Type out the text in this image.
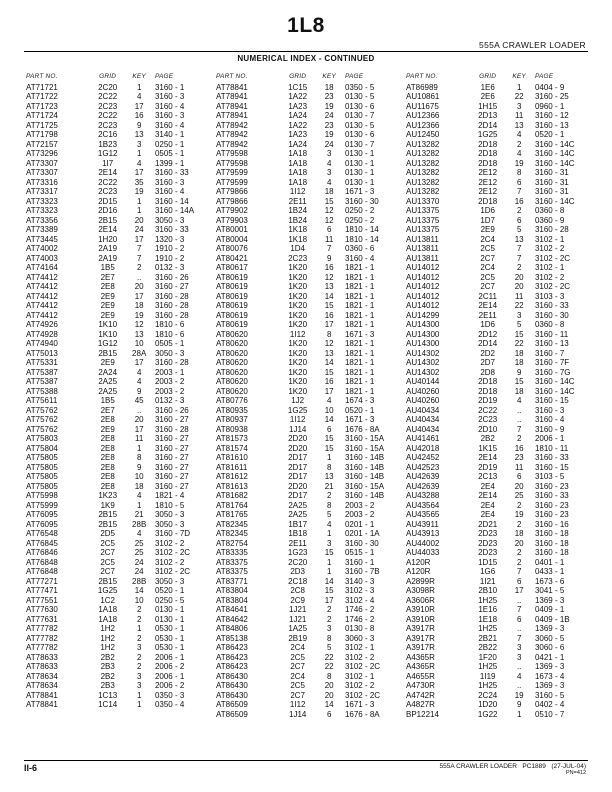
1L8
555A CRAWLER LOADER
NUMERICAL INDEX - CONTINUED
PART NO.	GRID	KEY	PAGE
AT71721	2C20	1	3160 - 1
AT71722	2C22	4	3160 - 3
AT71723	2C23	17	3160 - 4
AT71724	2C22	16	3160 - 3
AT71725	2C23	9	3160 - 4
AT71798	2C16	13	3140 - 1
AT72157	1B23	3	0250 - 1
AT73296	1G12	1	0505 - 1
AT73307	1I7	4	1399 - 1
AT73307	2E14	17	3160 - 33
AT73316	2C22	35	3160 - 3
AT73317	2C23	19	3160 - 4
AT73323	2D15	1	3160 - 14
AT73323	2D16	1	3160 - 14A
AT73356	2B15	20	3050 - 3
AT73389	2E14	24	3160 - 33
AT73445	1H20	17	1320 - 3
AT74002	2A19	7	1910 - 2
AT74003	2A19	7	1910 - 2
AT74164	1B5	2	0132 - 3
AT74412	2E7	..	3160 - 26
AT74412	2E8	20	3160 - 27
AT74412	2E9	17	3160 - 28
AT74412	2E9	18	3160 - 28
AT74412	2E9	19	3160 - 28
AT74926	1K10	12	1810 - 6
AT74928	1K10	13	1810 - 6
AT74940	1G12	10	0505 - 1
AT75013	2B15	28A	3050 - 3
AT75331	2E9	17	3160 - 28
AT75387	2A24	4	2003 - 1
AT75387	2A25	4	2003 - 2
AT75388	2A25	9	2003 - 2
AT75611	1B5	45	0132 - 3
AT75762	2E7	..	3160 - 26
AT75762	2E8	20	3160 - 27
AT75762	2E9	17	3160 - 28
AT75803	2E8	11	3160 - 27
AT75804	2E8	1	3160 - 27
AT75805	2E8	8	3160 - 27
AT75805	2E8	9	3160 - 27
AT75805	2E8	10	3160 - 27
AT75805	2E8	18	3160 - 27
AT75998	1K23	4	1821 - 4
AT75999	1K9	1	1810 - 5
AT76095	2B15	21	3050 - 3
AT76095	2B15	28B	3050 - 3
AT76548	2D5	4	3160 - 7D
AT76845	2C5	25	3102 - 2
AT76846	2C7	25	3102 - 2C
AT76848	2C5	24	3102 - 2
AT76848	2C7	24	3102 - 2C
AT77271	2B15	28B	3050 - 3
AT77471	1G25	14	0520 - 1
AT77551	1C2	10	0250 - 5
AT77630	1A18	2	0130 - 1
AT77631	1A18	2	0130 - 1
AT77782	1H2	1	0530 - 1
AT77782	1H2	2	0530 - 1
AT77782	1H2	3	0530 - 1
AT78633	2B2	2	2006 - 1
AT78633	2B3	2	2006 - 2
AT78634	2B2	3	2006 - 1
AT78634	2B3	3	2006 - 2
AT78841	1C13	1	0350 - 3
AT78841	1C14	1	0350 - 4
PART NO.	GRID	KEY	PAGE
AT78841	1C15	18	0350 - 5
AT78941	1A22	23	0130 - 5
AT78941	1A23	19	0130 - 6
AT78941	1A24	24	0130 - 7
AT78942	1A22	23	0130 - 5
AT78942	1A23	19	0130 - 6
AT78942	1A24	24	0130 - 7
AT79598	1A18	3	0130 - 1
AT79598	1A18	4	0130 - 1
AT79599	1A18	3	0130 - 1
AT79599	1A18	4	0130 - 1
AT79866	1I12	18	1671 - 3
AT79866	2E11	15	3160 - 30
AT79902	1B24	12	0250 - 2
AT79903	1B24	12	0250 - 2
AT80001	1K18	6	1810 - 14
AT80004	1K18	11	1810 - 14
AT80076	1D4	7	0360 - 6
AT80421	2C23	9	3160 - 4
AT80617	1K20	16	1821 - 1
AT80619	1K20	12	1821 - 1
AT80619	1K20	13	1821 - 1
AT80619	1K20	14	1821 - 1
AT80619	1K20	15	1821 - 1
AT80619	1K20	16	1821 - 1
AT80619	1K20	17	1821 - 1
AT80620	1I12	8	1671 - 3
AT80620	1K20	12	1821 - 1
AT80620	1K20	13	1821 - 1
AT80620	1K20	14	1821 - 1
AT80620	1K20	15	1821 - 1
AT80620	1K20	16	1821 - 1
AT80620	1K20	17	1821 - 1
AT80776	1J2	4	1674 - 3
AT80935	1G25	10	0520 - 1
AT80937	1I12	14	1671 - 3
AT80938	1J14	6	1676 - 8A
AT81573	2D20	15	3160 - 15A
AT81574	2D20	15	3160 - 15A
AT81610	2D17	1	3160 - 14B
AT81611	2D17	8	3160 - 14B
AT81612	2D17	13	3160 - 14B
AT81613	2D20	21	3160 - 15A
AT81682	2D17	2	3160 - 14B
AT81764	2A25	8	2003 - 2
AT81765	2A25	5	2003 - 2
AT82345	1B17	4	0201 - 1
AT82345	1B18	1	0201 - 1A
AT82754	2E11	3	3160 - 30
AT83335	1G23	15	0515 - 1
AT83375	2C20	1	3160 - 1
AT83375	2D3	1	3160 - 7B
AT83771	2C18	14	3140 - 3
AT83804	2C8	15	3102 - 3
AT83804	2C9	17	3102 - 4
AT84641	1J21	2	1746 - 2
AT84642	1J21	2	1746 - 2
AT84806	1A25	3	0130 - 8
AT85138	2B19	8	3060 - 3
AT86423	2C4	5	3102 - 1
AT86423	2C5	22	3102 - 2
AT86423	2C7	22	3102 - 2C
AT86430	2C4	8	3102 - 1
AT86430	2C5	20	3102 - 2
AT86430	2C7	20	3102 - 2C
AT86509	1I12	14	1671 - 3
AT86509	1J14	6	1676 - 8A
PART NO.	GRID	KEY	PAGE
AT86989	1E6	1	0404 - 9
AU10861	2E6	22	3160 - 25
AU11675	1H15	3	0960 - 1
AU12366	2D13	11	3160 - 12
AU12366	2D14	13	3160 - 13
AU12450	1G25	4	0520 - 1
AU13282	2D18	2	3160 - 14C
AU13282	2D18	4	3160 - 14C
AU13282	2D18	19	3160 - 14C
AU13282	2E12	8	3160 - 31
AU13282	2E12	6	3160 - 31
AU13282	2E12	7	3160 - 31
AU13370	2D18	16	3160 - 14C
AU13375	1D6	2	0360 - 8
AU13375	1D7	6	0360 - 9
AU13375	2E9	5	3160 - 28
AU13811	2C4	13	3102 - 1
AU13811	2C5	7	3102 - 2
AU13811	2C7	7	3102 - 2C
AU14012	2C4	2	3102 - 1
AU14012	2C5	20	3102 - 2
AU14012	2C7	20	3102 - 2C
AU14012	2C11	11	3103 - 3
AU14012	2E14	22	3160 - 33
AU14299	2E11	3	3160 - 30
AU14300	1D6	5	0360 - 8
AU14300	2D12	15	3160 - 11
AU14300	2D14	22	3160 - 13
AU14302	2D2	18	3160 - 7
AU14302	2D7	18	3160 - 7F
AU14302	2D8	9	3160 - 7G
AU40144	2D18	15	3160 - 14C
AU40260	2D18	18	3160 - 14C
AU40260	2D19	4	3160 - 15
AU40434	2C22	..	3160 - 3
AU40434	2C23	..	3160 - 4
AU40434	2D10	7	3160 - 9
AU41461	2B2	2	2006 - 1
AU42018	1K15	16	1810 - 11
AU42452	2E14	23	3160 - 33
AU42523	2D19	11	3160 - 15
AU42639	2C13	6	3103 - 5
AU42639	2E4	20	3160 - 23
AU43288	2E14	25	3160 - 33
AU43564	2E4	2	3160 - 23
AU43565	2E4	19	3160 - 23
AU43911	2D21	2	3160 - 16
AU43913	2D23	18	3160 - 18
AU44002	2D23	20	3160 - 18
AU44033	2D23	2	3160 - 18
A120R	1D15	2	0401 - 1
A120R	1G6	7	0433 - 1
A2899R	1I21	6	1673 - 6
A3098R	2B10	17	3041 - 5
A3606R	1H25	..	1369 - 3
A3910R	1E16	7	0409 - 1
A3910R	1E18	6	0409 - 1B
A3917R	1H25	..	1369 - 3
A3917R	2B21	7	3060 - 5
A3917R	2B22	3	3060 - 6
A4365R	1F20	3	0421 - 1
A4365R	1H25	..	1369 - 3
A4655R	1I19	4	1673 - 4
A4730R	1H25	..	1369 - 3
A4742R	2C24	19	3160 - 5
A4827R	1D20	9	0402 - 4
BP12214	1G22	1	0510 - 7
II-6	555A CRAWLER LOADER PC1889 (27-JUL-04)
PN=412
